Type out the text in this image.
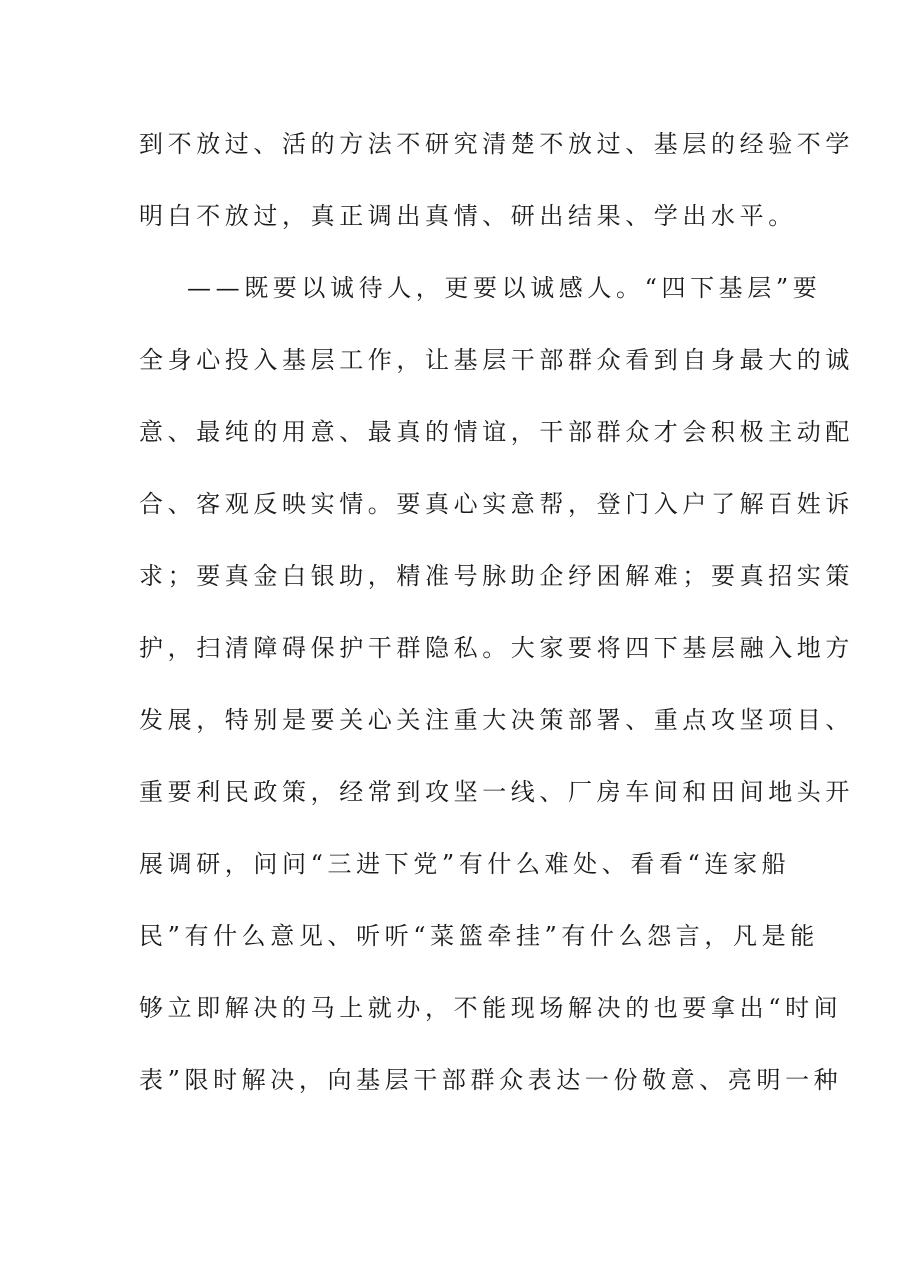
到不放过、活的方法不研究清楚不放过、基层的经验不学
明白不放过，真正调出真情、研出结果、学出水平。
——既要以诚待人，更要以诚感人。“四下基层”要
全身心投入基层工作，让基层干部群众看到自身最大的诚
意、最纯的用意、最真的情谊，干部群众才会积极主动配
合、客观反映实情。要真心实意帮，登门入户了解百姓诉
求；要真金白银助，精准号脉助企纾困解难；要真招实策
护，扫清障碍保护干群隐私。大家要将四下基层融入地方
发展，特别是要关心关注重大决策部署、重点攻坚项目、
重要利民政策，经常到攻坚一线、厂房车间和田间地头开
展调研，问问“三进下党”有什么难处、看看“连家船
民”有什么意见、听听“菜篮牵挂”有什么怨言，凡是能
够立即解决的马上就办，不能现场解决的也要拿出“时间
表”限时解决，向基层干部群众表达一份敬意、亮明一种
